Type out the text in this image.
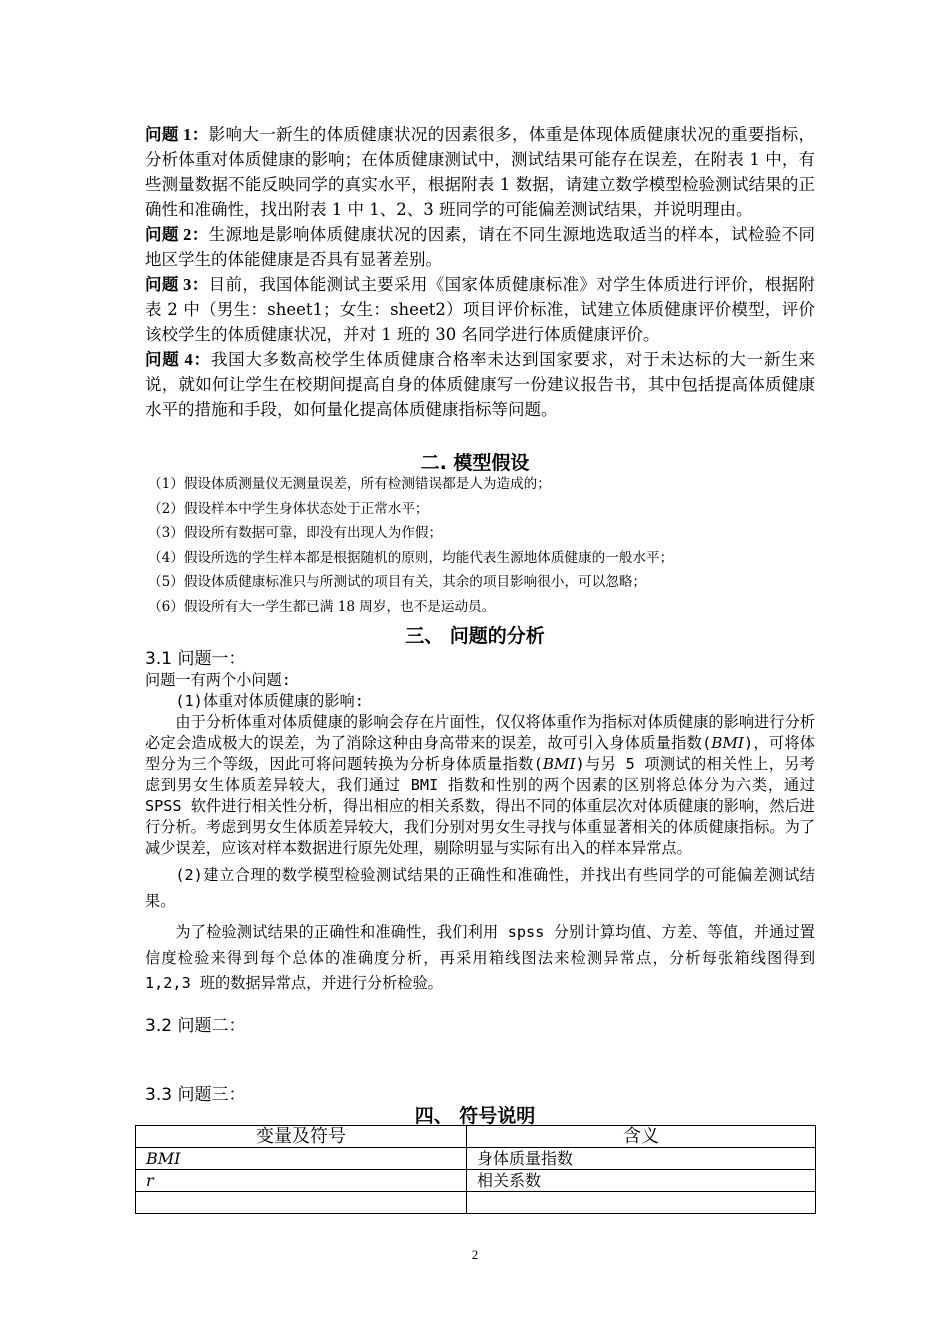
问题 1：影响大一新生的体质健康状况的因素很多，体重是体现体质健康状况的重要指标，分析体重对体质健康的影响；在体质健康测试中，测试结果可能存在误差，在附表 1 中，有些测量数据不能反映同学的真实水平，根据附表 1 数据，请建立数学模型检验测试结果的正确性和准确性，找出附表 1 中 1、2、3 班同学的可能偏差测试结果，并说明理由。

问题 2：生源地是影响体质健康状况的因素，请在不同生源地选取适当的样本，试检验不同地区学生的体能健康是否具有显著差别。

问题 3：目前，我国体能测试主要采用《国家体质健康标准》对学生体质进行评价，根据附表 2 中（男生：sheet1；女生：sheet2）项目评价标准，试建立体质健康评价模型，评价该校学生的体质健康状况，并对 1 班的 30 名同学进行体质健康评价。

问题 4：我国大多数高校学生体质健康合格率未达到国家要求，对于未达标的大一新生来说，就如何让学生在校期间提高自身的体质健康写一份建议报告书，其中包括提高体质健康水平的措施和手段，如何量化提高体质健康指标等问题。

二. 模型假设

（1）假设体质测量仪无测量误差，所有检测错误都是人为造成的；

（2）假设样本中学生身体状态处于正常水平；

（3）假设所有数据可靠，即没有出现人为作假；

（4）假设所选的学生样本都是根据随机的原则，均能代表生源地体质健康的一般水平；

（5）假设体质健康标准只与所测试的项目有关，其余的项目影响很小，可以忽略；

（6）假设所有大一学生都已满 18 周岁，也不是运动员。

三、 问题的分析

3.1 问题一：

问题一有两个小问题:

(1)体重对体质健康的影响:

由于分析体重对体质健康的影响会存在片面性，仅仅将体重作为指标对体质健康的影响进行分析必定会造成极大的误差，为了消除这种由身高带来的误差，故可引入身体质量指数(BMI)，可将体型分为三个等级，因此可将问题转换为分析身体质量指数(BMI)与另 5 项测试的相关性上，另考虑到男女生体质差异较大，我们通过 BMI 指数和性别的两个因素的区别将总体分为六类，通过 SPSS 软件进行相关性分析，得出相应的相关系数，得出不同的体重层次对体质健康的影响，然后进行分析。考虑到男女生体质差异较大，我们分别对男女生寻找与体重显著相关的体质健康指标。为了减少误差，应该对样本数据进行原先处理，剔除明显与实际有出入的样本异常点。

(2)建立合理的数学模型检验测试结果的正确性和准确性，并找出有些同学的可能偏差测试结果。

为了检验测试结果的正确性和准确性，我们利用 spss 分别计算均值、方差、等值，并通过置信度检验来得到每个总体的准确度分析，再采用箱线图法来检测异常点，分析每张箱线图得到 1,2,3 班的数据异常点，并进行分析检验。

3.2 问题二：
3.3 问题三：
四、 符号说明
变量及符号	含义
BMI	身体质量指数
r	相关系数

2
